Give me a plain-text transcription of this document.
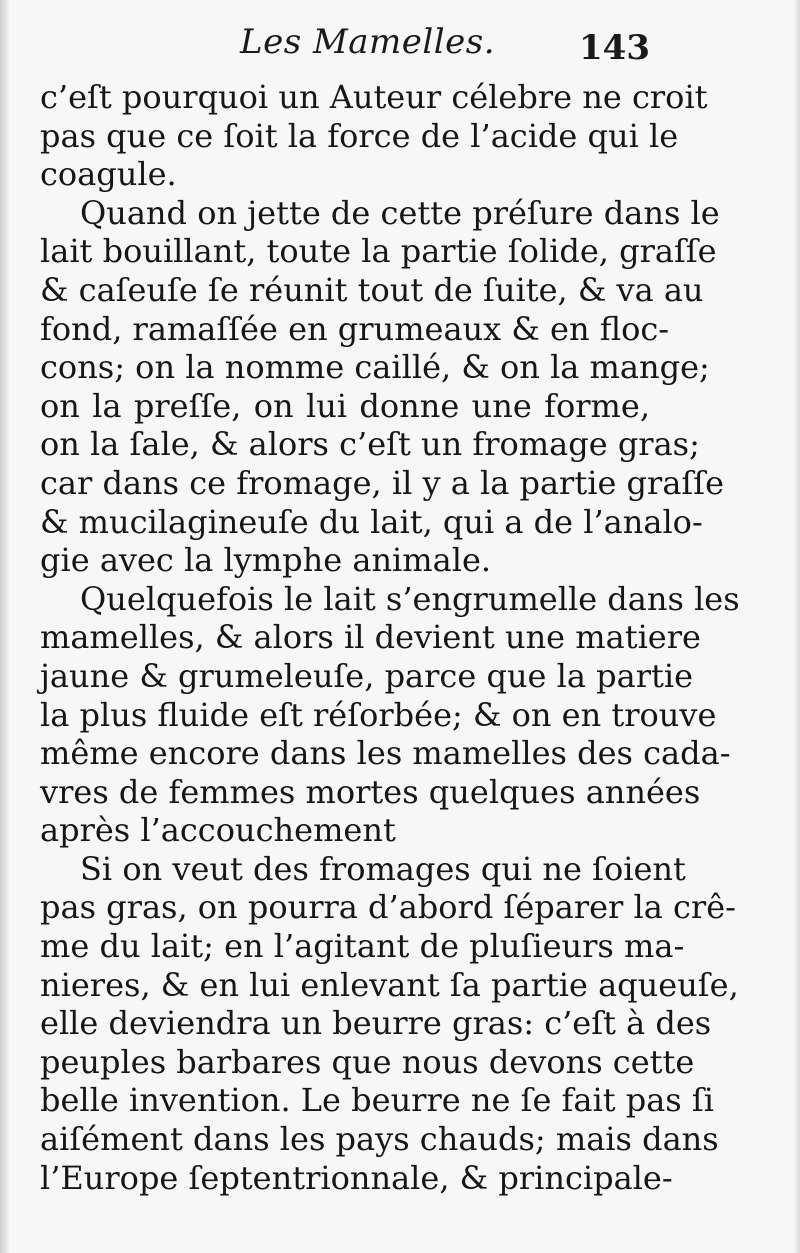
Les Mamelles. 143
c’eſt pourquoi un Auteur célebre ne croit
pas que ce ſoit la force de l’acide qui le
coagule.
Quand on jette de cette préſure dans le
lait bouillant, toute la partie ſolide, graſſe
& caſeuſe ſe réunit tout de ſuite, & va au
fond, ramaſſée en grumeaux & en floc-
cons; on la nomme caillé, & on la mange;
on la preſſe, on lui donne une forme,
on la ſale, & alors c’eſt un fromage gras;
car dans ce fromage, il y a la partie graſſe
& mucilagineuſe du lait, qui a de l’analo-
gie avec la lymphe animale.
Quelquefois le lait s’engrumelle dans les
mamelles, & alors il devient une matiere
jaune & grumeleuſe, parce que la partie
la plus fluide eſt réſorbée; & on en trouve
même encore dans les mamelles des cada-
vres de femmes mortes quelques années
après l’accouchement
Si on veut des fromages qui ne ſoient
pas gras, on pourra d’abord ſéparer la crê-
me du lait; en l’agitant de pluſieurs ma-
nieres, & en lui enlevant ſa partie aqueuſe,
elle deviendra un beurre gras: c’eſt à des
peuples barbares que nous devons cette
belle invention. Le beurre ne ſe fait pas ſi
aiſément dans les pays chauds; mais dans
l’Europe ſeptentrionnale, & principale-
